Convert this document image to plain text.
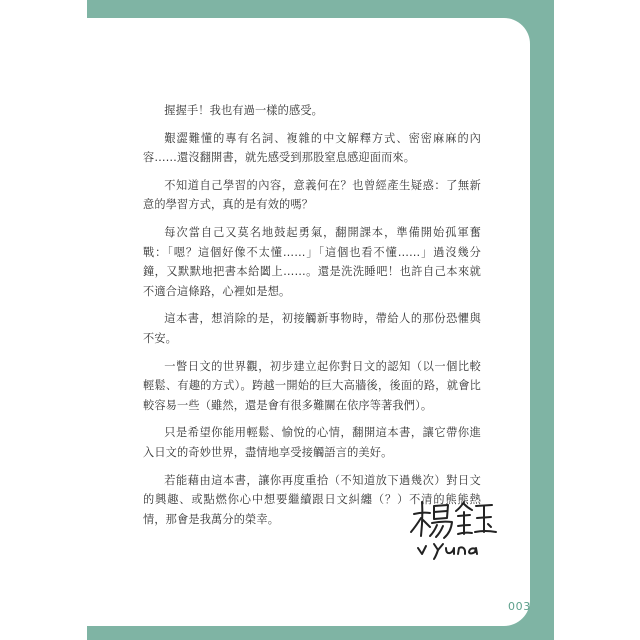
握握手！我也有過一樣的感受。

艱澀難懂的專有名詞、複雜的中文解釋方式、密密麻麻的內容……還沒翻開書，就先感受到那股窒息感迎面而來。

不知道自己學習的內容，意義何在？也曾經產生疑惑：了無新意的學習方式，真的是有效的嗎？

每次當自己又莫名地鼓起勇氣，翻開課本，準備開始孤軍奮戰：「嗯？這個好像不太懂……」「這個也看不懂……」過沒幾分鐘，又默默地把書本給闔上……。還是洗洗睡吧！也許自己本來就不適合這條路，心裡如是想。

這本書，想消除的是，初接觸新事物時，帶給人的那份恐懼與不安。

一瞥日文的世界觀，初步建立起你對日文的認知（以一個比較輕鬆、有趣的方式）。跨越一開始的巨大高牆後，後面的路，就會比較容易一些（雖然，還是會有很多難關在依序等著我們）。

只是希望你能用輕鬆、愉悅的心情，翻開這本書，讓它帶你進入日文的奇妙世界，盡情地享受接觸語言的美好。

若能藉由這本書，讓你再度重拾（不知道放下過幾次）對日文的興趣、或點燃你心中想要繼續跟日文糾纏（？）不清的熊熊熱情，那會是我萬分的榮幸。

003
